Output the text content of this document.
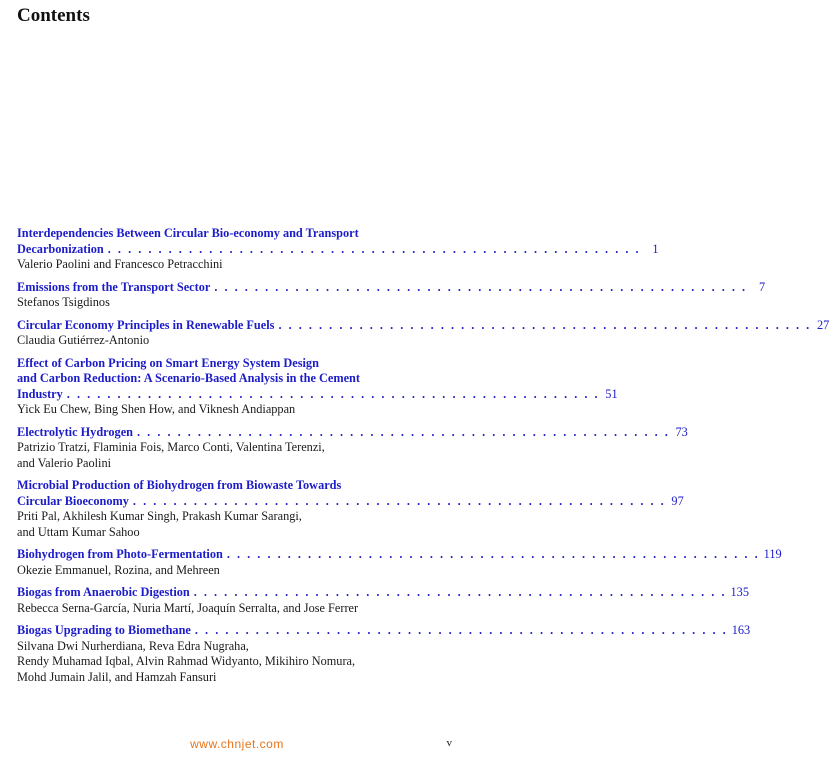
Contents
Interdependencies Between Circular Bio-economy and Transport
Decarbonization . . . . . . . . . . . . . . . . . . . . . . . . . . . . . . . . . . . . . . . . . . . . . . . . . . . . . 1
Valerio Paolini and Francesco Petracchini
Emissions from the Transport Sector . . . . . . . . . . . . . . . . . . . . . . . . . . . . . . . . . . . . . . . . . . . . . . . . . . . . . 7
Stefanos Tsigdinos
Circular Economy Principles in Renewable Fuels . . . . . . . . . . . . . . . . . . . . . . . . . . . . . . . . . . . . . . . . . . . . . . . . . . . . . 27
Claudia Gutiérrez-Antonio
Effect of Carbon Pricing on Smart Energy System Design
and Carbon Reduction: A Scenario-Based Analysis in the Cement
Industry . . . . . . . . . . . . . . . . . . . . . . . . . . . . . . . . . . . . . . . . . . . . . . . . . . . . . 51
Yick Eu Chew, Bing Shen How, and Viknesh Andiappan
Electrolytic Hydrogen . . . . . . . . . . . . . . . . . . . . . . . . . . . . . . . . . . . . . . . . . . . . . . . . . . . . . 73
Patrizio Tratzi, Flaminia Fois, Marco Conti, Valentina Terenzi,
and Valerio Paolini
Microbial Production of Biohydrogen from Biowaste Towards
Circular Bioeconomy . . . . . . . . . . . . . . . . . . . . . . . . . . . . . . . . . . . . . . . . . . . . . . . . . . . . . 97
Priti Pal, Akhilesh Kumar Singh, Prakash Kumar Sarangi,
and Uttam Kumar Sahoo
Biohydrogen from Photo-Fermentation . . . . . . . . . . . . . . . . . . . . . . . . . . . . . . . . . . . . . . . . . . . . . . . . . . . . . 119
Okezie Emmanuel, Rozina, and Mehreen
Biogas from Anaerobic Digestion . . . . . . . . . . . . . . . . . . . . . . . . . . . . . . . . . . . . . . . . . . . . . . . . . . . . . 135
Rebecca Serna-García, Nuria Martí, Joaquín Serralta, and Jose Ferrer
Biogas Upgrading to Biomethane . . . . . . . . . . . . . . . . . . . . . . . . . . . . . . . . . . . . . . . . . . . . . . . . . . . . . 163
Silvana Dwi Nurherdiana, Reva Edra Nugraha,
Rendy Muhamad Iqbal, Alvin Rahmad Widyanto, Mikihiro Nomura,
Mohd Jumain Jalil, and Hamzah Fansuri
www.chnjet.com	v
